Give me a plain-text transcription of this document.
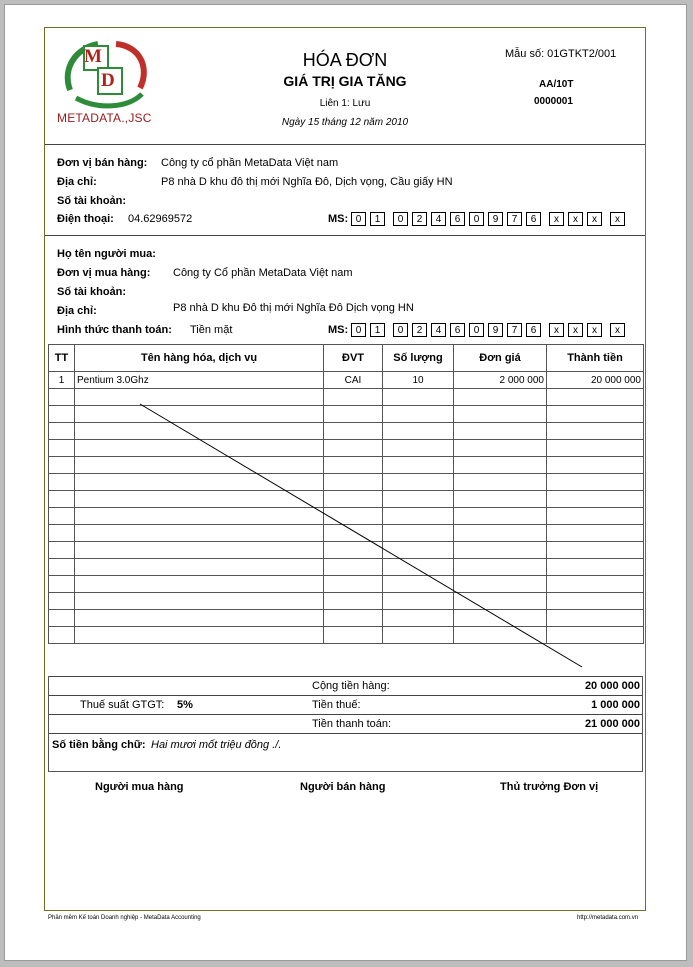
M
D
METADATA.,JSC
HÓA ĐƠN
GIÁ TRỊ GIA TĂNG
Liên 1: Lưu
Ngày 15 tháng 12 năm 2010
Mẫu số: 01GTKT2/001
AA/10T
0000001
Đơn vị bán hàng: Công ty cổ phần MetaData Việt nam
Địa chỉ:	P8 nhà D khu đô thị mới Nghĩa Đô, Dịch vọng, Cầu giấy HN
Số tài khoản:
Điện thoại: 04.62969572	MS: 0	1	0	2	4	6	0	9	7	6	x	x	x	x
Họ tên người mua:
Đơn vị mua hàng: Công ty Cổ phần MetaData Việt nam
Số tài khoản:
Địa chỉ:	P8 nhà D khu Đô thị mới Nghĩa Đô Dịch vọng HN
Hình thức thanh toán: Tiền mặt	MS: 0	1	0	2	4	6	0	9	7	6	x	x	x	x
TT	Tên hàng hóa, dịch vụ	ĐVT	Số lượng	Đơn giá	Thành tiền
1	Pentium 3.0Ghz	CAI	10	2 000 000	20 000 000

Cộng tiền hàng:	20 000 000
Thuế suất GTGT: 5%	Tiền thuế:	1 000 000
Tiền thanh toán:	21 000 000
Số tiền bằng chữ: Hai mươi mốt triệu đồng ./.
Người mua hàng	Người bán hàng	Thủ trưởng Đơn vị
Phần mềm Kế toán Doanh nghiệp - MetaData Accounting	http://metadata.com.vn
